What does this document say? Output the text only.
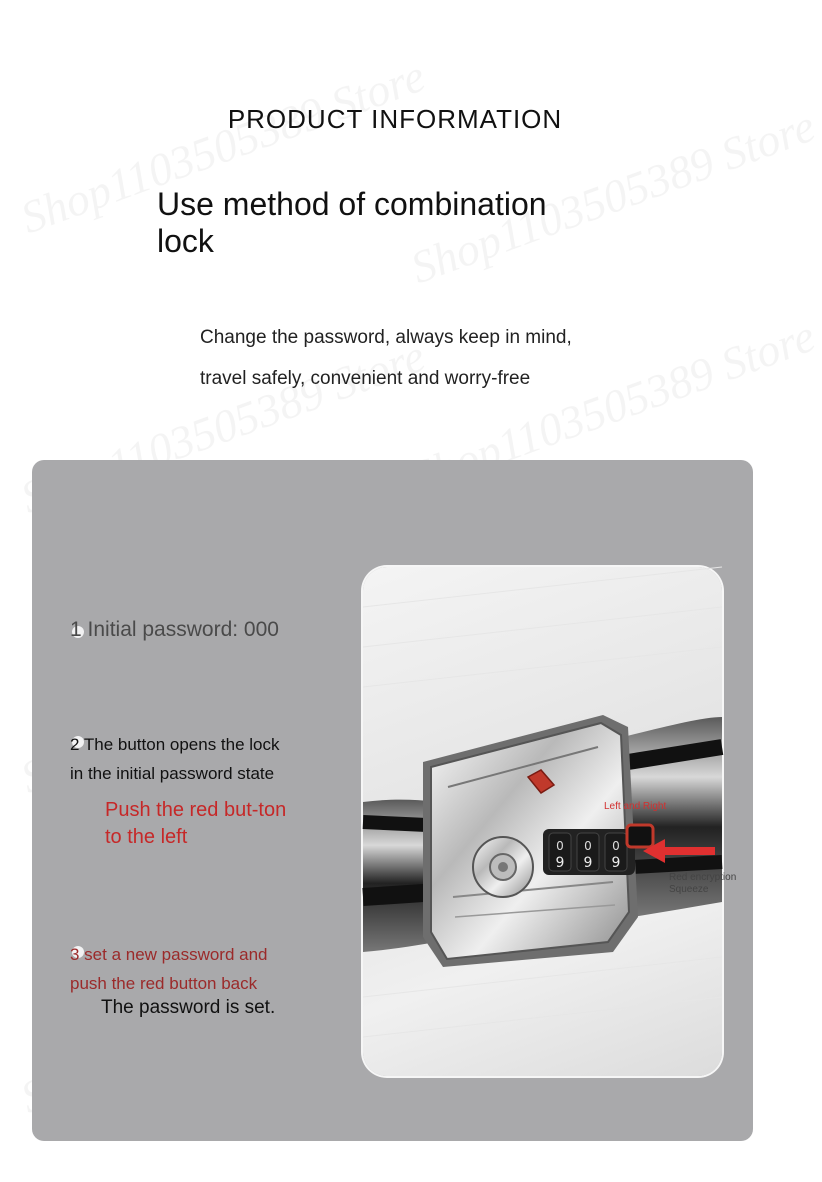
PRODUCT INFORMATION
Use method of combination lock
Change the password, always keep in mind,
travel safely, convenient and worry-free
1 Initial password: 000
2 The button opens the lock
in the initial password state
Push the red but-ton to the left
3 set a new password and
push the red button back
The password is set.
0 0 0
9 9 9
Left and Right
Red encryption
Squeeze
